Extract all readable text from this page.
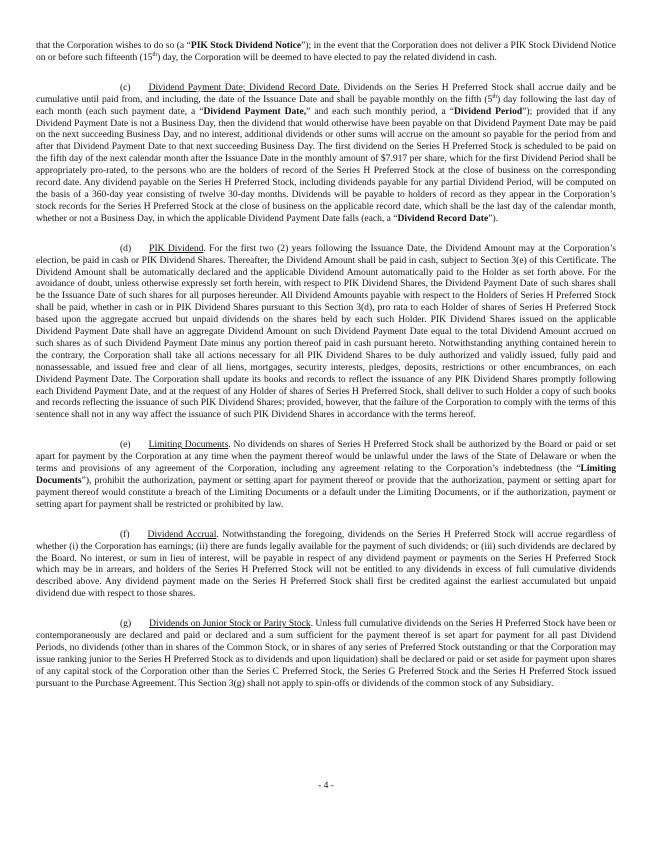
that the Corporation wishes to do so (a “PIK Stock Dividend Notice”); in the event that the Corporation does not deliver a PIK Stock Dividend Notice on or before such fifteenth (15th) day, the Corporation will be deemed to have elected to pay the related dividend in cash.

(c) Dividend Payment Date; Dividend Record Date. Dividends on the Series H Preferred Stock shall accrue daily and be cumulative until paid from, and including, the date of the Issuance Date and shall be payable monthly on the fifth (5th) day following the last day of each month (each such payment date, a “Dividend Payment Date,” and each such monthly period, a “Dividend Period”); provided that if any Dividend Payment Date is not a Business Day, then the dividend that would otherwise have been payable on that Dividend Payment Date may be paid on the next succeeding Business Day, and no interest, additional dividends or other sums will accrue on the amount so payable for the period from and after that Dividend Payment Date to that next succeeding Business Day. The first dividend on the Series H Preferred Stock is scheduled to be paid on the fifth day of the next calendar month after the Issuance Date in the monthly amount of $7.917 per share, which for the first Dividend Period shall be appropriately pro-rated, to the persons who are the holders of record of the Series H Preferred Stock at the close of business on the corresponding record date. Any dividend payable on the Series H Preferred Stock, including dividends payable for any partial Dividend Period, will be computed on the basis of a 360-day year consisting of twelve 30-day months. Dividends will be payable to holders of record as they appear in the Corporation’s stock records for the Series H Preferred Stock at the close of business on the applicable record date, which shall be the last day of the calendar month, whether or not a Business Day, in which the applicable Dividend Payment Date falls (each, a “Dividend Record Date”).

(d) PIK Dividend. For the first two (2) years following the Issuance Date, the Dividend Amount may at the Corporation’s election, be paid in cash or PIK Dividend Shares. Thereafter, the Dividend Amount shall be paid in cash, subject to Section 3(e) of this Certificate. The Dividend Amount shall be automatically declared and the applicable Dividend Amount automatically paid to the Holder as set forth above. For the avoidance of doubt, unless otherwise expressly set forth herein, with respect to PIK Dividend Shares, the Dividend Payment Date of such shares shall be the Issuance Date of such shares for all purposes hereunder. All Dividend Amounts payable with respect to the Holders of Series H Preferred Stock shall be paid, whether in cash or in PIK Dividend Shares pursuant to this Section 3(d), pro rata to each Holder of shares of Series H Preferred Stock based upon the aggregate accrued but unpaid dividends on the shares held by each such Holder. PIK Dividend Shares issued on the applicable Dividend Payment Date shall have an aggregate Dividend Amount on such Dividend Payment Date equal to the total Dividend Amount accrued on such shares as of such Dividend Payment Date minus any portion thereof paid in cash pursuant hereto. Notwithstanding anything contained herein to the contrary, the Corporation shall take all actions necessary for all PIK Dividend Shares to be duly authorized and validly issued, fully paid and nonassessable, and issued free and clear of all liens, mortgages, security interests, pledges, deposits, restrictions or other encumbrances, on each Dividend Payment Date. The Corporation shall update its books and records to reflect the issuance of any PIK Dividend Shares promptly following each Dividend Payment Date, and at the request of any Holder of shares of Series H Preferred Stock, shall deliver to such Holder a copy of such books and records reflecting the issuance of such PIK Dividend Shares; provided, however, that the failure of the Corporation to comply with the terms of this sentence shall not in any way affect the issuance of such PIK Dividend Shares in accordance with the terms hereof.

(e) Limiting Documents. No dividends on shares of Series H Preferred Stock shall be authorized by the Board or paid or set apart for payment by the Corporation at any time when the payment thereof would be unlawful under the laws of the State of Delaware or when the terms and provisions of any agreement of the Corporation, including any agreement relating to the Corporation’s indebtedness (the “Limiting Documents”), prohibit the authorization, payment or setting apart for payment thereof or provide that the authorization, payment or setting apart for payment thereof would constitute a breach of the Limiting Documents or a default under the Limiting Documents, or if the authorization, payment or setting apart for payment shall be restricted or prohibited by law.

(f) Dividend Accrual. Notwithstanding the foregoing, dividends on the Series H Preferred Stock will accrue regardless of whether (i) the Corporation has earnings; (ii) there are funds legally available for the payment of such dividends; or (iii) such dividends are declared by the Board. No interest, or sum in lieu of interest, will be payable in respect of any dividend payment or payments on the Series H Preferred Stock which may be in arrears, and holders of the Series H Preferred Stock will not be entitled to any dividends in excess of full cumulative dividends described above. Any dividend payment made on the Series H Preferred Stock shall first be credited against the earliest accumulated but unpaid dividend due with respect to those shares.

(g) Dividends on Junior Stock or Parity Stock. Unless full cumulative dividends on the Series H Preferred Stock have been or contemporaneously are declared and paid or declared and a sum sufficient for the payment thereof is set apart for payment for all past Dividend Periods, no dividends (other than in shares of the Common Stock, or in shares of any series of Preferred Stock outstanding or that the Corporation may issue ranking junior to the Series H Preferred Stock as to dividends and upon liquidation) shall be declared or paid or set aside for payment upon shares of any capital stock of the Corporation other than the Series C Preferred Stock, the Series G Preferred Stock and the Series H Preferred Stock issued pursuant to the Purchase Agreement. This Section 3(g) shall not apply to spin-offs or dividends of the common stock of any Subsidiary.

- 4 -
